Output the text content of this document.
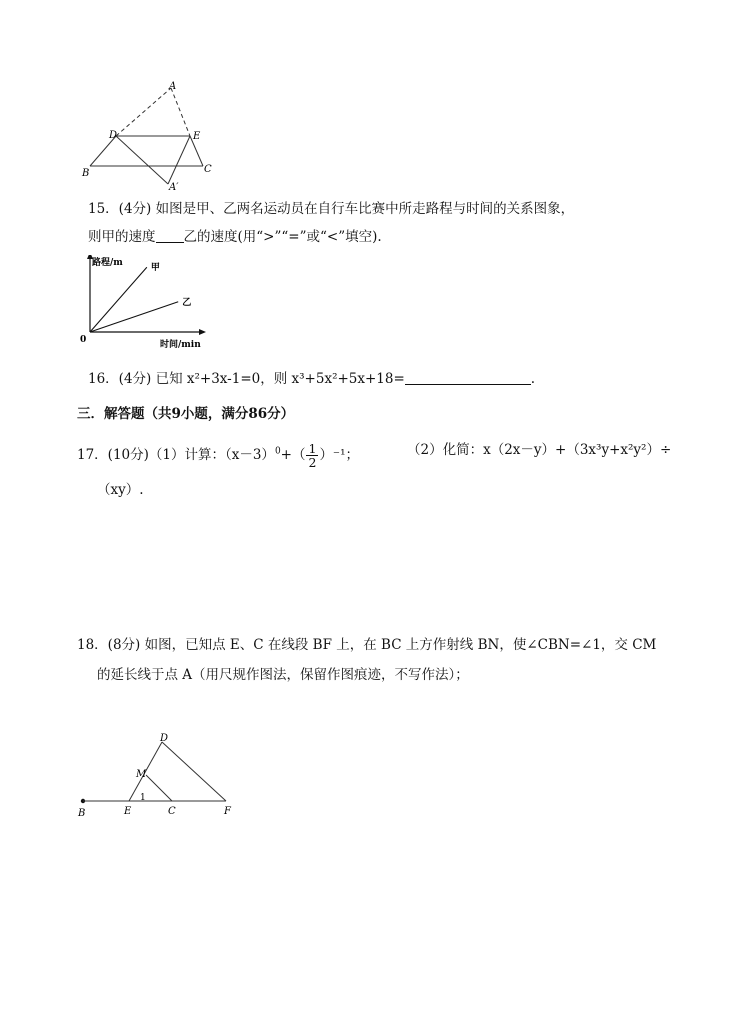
A
D	E
B	C
A′
15．(4分) 如图是甲、乙两名运动员在自行车比赛中所走路程与时间的关系图象，
则甲的速度 乙的速度(用“>”“=”或“<”填空).
路程/m
时间/min
0
甲
乙
16．(4分) 已知 x²+3x-1=0，则 x³+5x²+5x+18=	.
三．解答题（共9小题，满分86分）
17．(10分)（1）计算：$(x-3)^0+( \frac{1}{2} )^{-1}$；	（2）化简：x（2x－y）+（3x³y+x²y²）÷
（xy）.
18．(8分) 如图，已知点 E、C 在线段 BF 上，在 BC 上方作射线 BN，使∠CBN=∠1，交 CM
的延长线于点 A（用尺规作图法，保留作图痕迹，不写作法）；
D
M
1
B	E	C	F
